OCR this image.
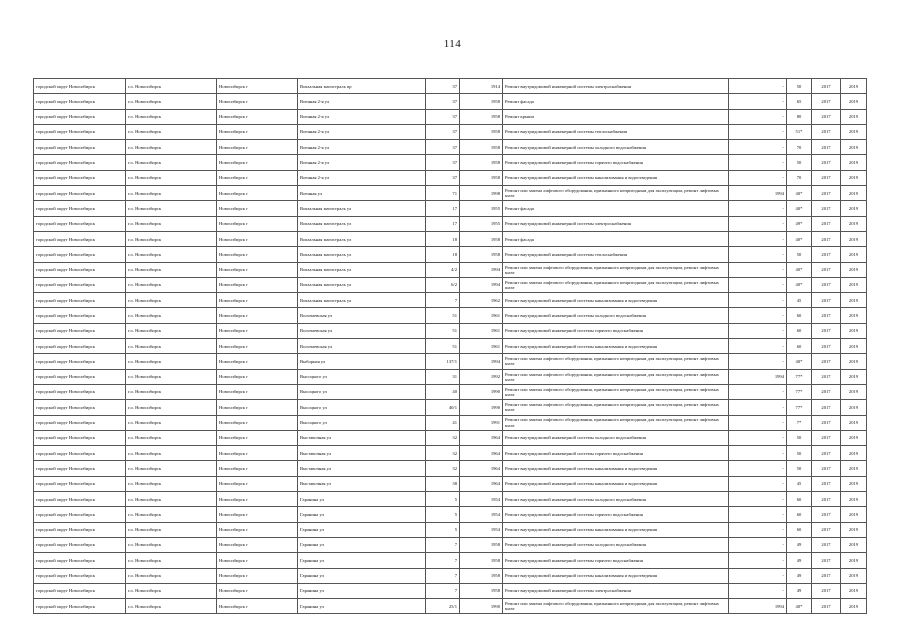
114
городской округ Новосибирск	г.о. Новосибирск	Новосибирск г	Вокзальная магистраль пр	37	1914	Ремонт внутридомовой инженерной системы электроснабжения	-	50	2017	2019
городской округ Новосибирск	г.о. Новосибирск	Новосибирск г	Военная 2-я ул	37	1958	Ремонт фасада	-	65	2017	2019
городской округ Новосибирск	г.о. Новосибирск	Новосибирск г	Военная 2-я ул	37	1958	Ремонт крыши	-	80	2017	2019
городской округ Новосибирск	г.о. Новосибирск	Новосибирск г	Военная 2-я ул	37	1958	Ремонт внутридомовой инженерной системы теплоснабжения	-	51*	2017	2019
городской округ Новосибирск	г.о. Новосибирск	Новосибирск г	Военная 2-я ул	37	1958	Ремонт внутридомовой инженерной системы холодного водоснабжения	-	70	2017	2019
городской округ Новосибирск	г.о. Новосибирск	Новосибирск г	Военная 2-я ул	37	1958	Ремонт внутридомовой инженерной системы горячего водоснабжения	-	50	2017	2019
городской округ Новосибирск	г.о. Новосибирск	Новосибирск г	Военная 2-я ул	37	1958	Ремонт внутридомовой инженерной системы канализования и водоотведения	-	70	2017	2019
городской округ Новосибирск	г.о. Новосибирск	Новосибирск г	Военная ул	71	1998	Ремонт или замена лифтового оборудования, признанного непригодным для эксплуатации, ремонт лифтовых шахт	1994	40*	2017	2019
городской округ Новосибирск	г.о. Новосибирск	Новосибирск г	Вокзальная магистраль ул	17	1955	Ремонт фасада	-	40*	2017	2019
городской округ Новосибирск	г.о. Новосибирск	Новосибирск г	Вокзальная магистраль ул	17	1955	Ремонт внутридомовой инженерной системы электроснабжения	-	49*	2017	2019
городской округ Новосибирск	г.о. Новосибирск	Новосибирск г	Вокзальная магистраль ул	18	1958	Ремонт фасада	-	40*	2017	2019
городской округ Новосибирск	г.о. Новосибирск	Новосибирск г	Вокзальная магистраль ул	18	1958	Ремонт внутридомовой инженерной системы теплоснабжения	-	50	2017	2019
городской округ Новосибирск	г.о. Новосибирск	Новосибирск г	Вокзальная магистраль ул	4/2	1994	Ремонт или замена лифтового оборудования, признанного непригодным для эксплуатации, ремонт лифтовых шахт	-	40*	2017	2019
городской округ Новосибирск	г.о. Новосибирск	Новосибирск г	Вокзальная магистраль ул	6/2	1994	Ремонт или замена лифтового оборудования, признанного непригодным для эксплуатации, ремонт лифтовых шахт	-	40*	2017	2019
городской округ Новосибирск	г.о. Новосибирск	Новосибирск г	Вокзальная магистраль ул	7	1962	Ремонт внутридомовой инженерной системы канализования и водоотведения	-	45	2017	2019
городской округ Новосибирск	г.о. Новосибирск	Новосибирск г	Волочаевская ул	51	1961	Ремонт внутридомовой инженерной системы холодного водоснабжения	-	60	2017	2019
городской округ Новосибирск	г.о. Новосибирск	Новосибирск г	Волочаевская ул	51	1961	Ремонт внутридомовой инженерной системы горячего водоснабжения	-	60	2017	2019
городской округ Новосибирск	г.о. Новосибирск	Новосибирск г	Волочаевская ул	51	1961	Ремонт внутридомовой инженерной системы канализования и водоотведения	-	60	2017	2019
городской округ Новосибирск	г.о. Новосибирск	Новосибирск г	Выборная ул	137/1	1994	Ремонт или замена лифтового оборудования, признанного непригодным для эксплуатации, ремонт лифтовых шахт	-	40*	2017	2019
городской округ Новосибирск	г.о. Новосибирск	Новосибирск г	Высоцкого ул	31	1992	Ремонт или замена лифтового оборудования, признанного непригодным для эксплуатации, ремонт лифтовых шахт	1994	77*	2017	2019
городской округ Новосибирск	г.о. Новосибирск	Новосибирск г	Высоцкого ул	40	1990	Ремонт или замена лифтового оборудования, признанного непригодным для эксплуатации, ремонт лифтовых шахт	-	77*	2017	2019
городской округ Новосибирск	г.о. Новосибирск	Новосибирск г	Высоцкого ул	40/1	1990	Ремонт или замена лифтового оборудования, признанного непригодным для эксплуатации, ремонт лифтовых шахт	-	77*	2017	2019
городской округ Новосибирск	г.о. Новосибирск	Новосибирск г	Высоцкого ул	41	1991	Ремонт или замена лифтового оборудования, признанного непригодным для эксплуатации, ремонт лифтовых шахт	-	7*	2017	2019
городской округ Новосибирск	г.о. Новосибирск	Новосибирск г	Выставочная ул	32	1964	Ремонт внутридомовой инженерной системы холодного водоснабжения	-	50	2017	2019
городской округ Новосибирск	г.о. Новосибирск	Новосибирск г	Выставочная ул	32	1964	Ремонт внутридомовой инженерной системы горячего водоснабжения	-	50	2017	2019
городской округ Новосибирск	г.о. Новосибирск	Новосибирск г	Выставочная ул	32	1964	Ремонт внутридомовой инженерной системы канализования и водоотведения	-	50	2017	2019
городской округ Новосибирск	г.о. Новосибирск	Новосибирск г	Выставочная ул	38	1964	Ремонт внутридомовой инженерной системы канализования и водоотведения	-	45	2017	2019
городской округ Новосибирск	г.о. Новосибирск	Новосибирск г	Гаранина ул	5	1954	Ремонт внутридомовой инженерной системы холодного водоснабжения	-	60	2017	2019
городской округ Новосибирск	г.о. Новосибирск	Новосибирск г	Гаранина ул	5	1954	Ремонт внутридомовой инженерной системы горячего водоснабжения	-	60	2017	2019
городской округ Новосибирск	г.о. Новосибирск	Новосибирск г	Гаранина ул	5	1954	Ремонт внутридомовой инженерной системы канализования и водоотведения	-	60	2017	2019
городской округ Новосибирск	г.о. Новосибирск	Новосибирск г	Гаранина ул	7	1958	Ремонт внутридомовой инженерной системы холодного водоснабжения	-	49	2017	2019
городской округ Новосибирск	г.о. Новосибирск	Новосибирск г	Гаранина ул	7	1958	Ремонт внутридомовой инженерной системы горячего водоснабжения	-	49	2017	2019
городской округ Новосибирск	г.о. Новосибирск	Новосибирск г	Гаранина ул	7	1958	Ремонт внутридомовой инженерной системы канализования и водоотведения	-	49	2017	2019
городской округ Новосибирск	г.о. Новосибирск	Новосибирск г	Гаранина ул	7	1958	Ремонт внутридомовой инженерной системы электроснабжения	-	49	2017	2019
городской округ Новосибирск	г.о. Новосибирск	Новосибирск г	Гаранина ул	25/1	1990	Ремонт или замена лифтового оборудования, признанного непригодным для эксплуатации, ремонт лифтовых шахт	1994	40*	2017	2019
